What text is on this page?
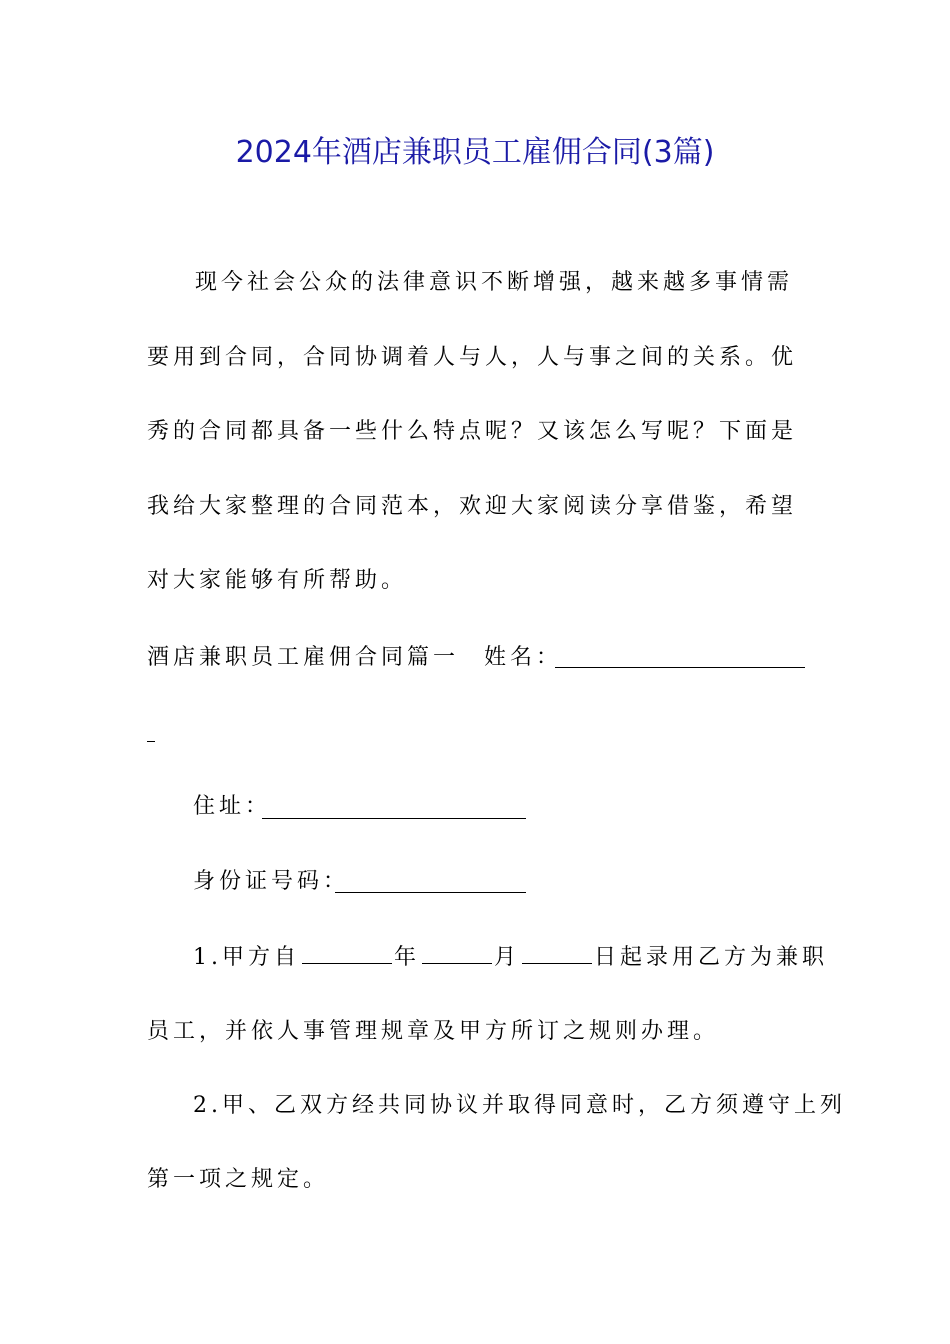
2024年酒店兼职员工雇佣合同(3篇)
现今社会公众的法律意识不断增强，越来越多事情需要用到合同，合同协调着人与人，人与事之间的关系。优秀的合同都具备一些什么特点呢？又该怎么写呢？下面是我给大家整理的合同范本，欢迎大家阅读分享借鉴，希望对大家能够有所帮助。
酒店兼职员工雇佣合同篇一 姓名：
住址：
身份证号码：
1.甲方自	年	月	日起录用乙方为兼职
员工，并依人事管理规章及甲方所订之规则办理。
2.甲、乙双方经共同协议并取得同意时，乙方须遵守上列
第一项之规定。
